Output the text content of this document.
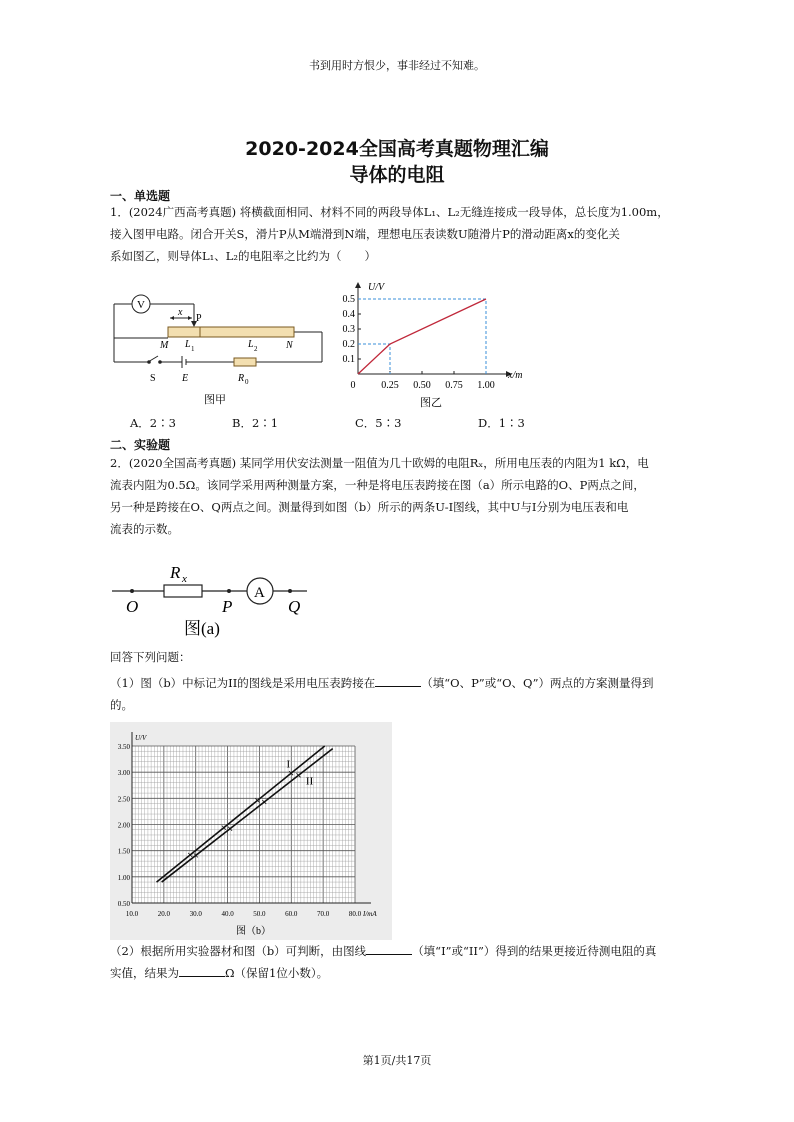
书到用时方恨少，事非经过不知难。
2020-2024全国高考真题物理汇编
导体的电阻
一、单选题
1．(2024广西高考真题) 将横截面相同、材料不同的两段导体L₁、L₂无缝连接成一段导体，总长度为1.00m，
接入图甲电路。闭合开关S，滑片P从M端滑到N端，理想电压表读数U随滑片P的滑动距离x的变化关
系如图乙，则导体L₁、L₂的电阻率之比约为（　　）
V
x
P
M L 1	L 2	N
S	E	R 0
图甲
U/V
x/m
0
0.1
0.2
0.3
0.4
0.5
0.25 0.50 0.75 1.00
图乙
A．2∶3	B．2∶1	C．5∶3	D．1∶3
二、实验题
2．(2020全国高考真题) 某同学用伏安法测量一阻值为几十欧姆的电阻Rₓ，所用电压表的内阻为1 kΩ，电
流表内阻为0.5Ω。该同学采用两种测量方案，一种是将电压表跨接在图（a）所示电路的O、P两点之间，
另一种是跨接在O、Q两点之间。测量得到如图（b）所示的两条U-I图线，其中U与I分别为电压表和电
流表的示数。
R x
O	P
A
Q
图(a)
回答下列问题：
（1）图（b）中标记为II的图线是采用电压表跨接在	（填“O、P”或“O、Q”）两点的方案测量得到
的。
U/V
I/mA
0.50
1.00
1.50
2.00
2.50
3.00
3.50
10.0	20.0	30.0	40.0	50.0	60.0	70.0	80.0
I
II
图（b）
（2）根据所用实验器材和图（b）可判断，由图线	（填“I”或“II”）得到的结果更接近待测电阻的真
实值，结果为	Ω（保留1位小数）。
第1页/共17页
